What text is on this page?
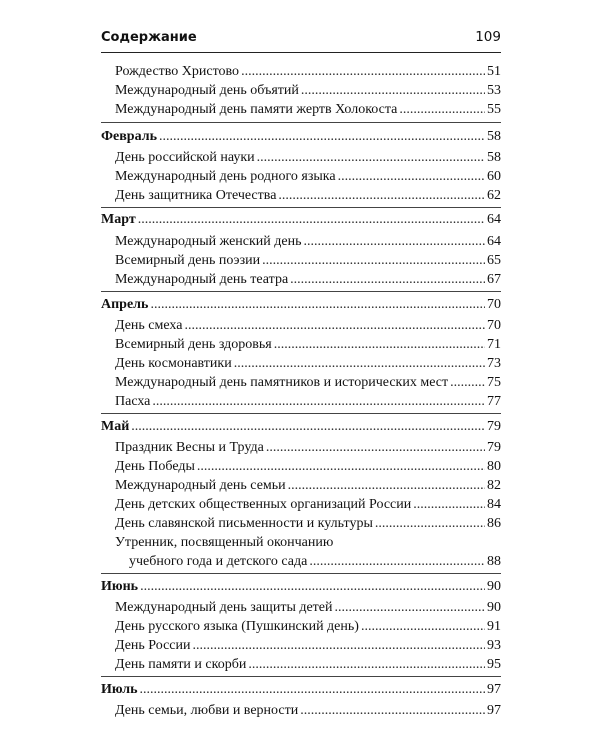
Содержание	109
Рождество Христово .....	51
Международный день объятий .....	53
Международный день памяти жертв Холокоста .....	55
Февраль .....	58
День российской науки .....	58
Международный день родного языка .....	60
День защитника Отечества .....	62
Март .....	64
Международный женский день .....	64
Всемирный день поэзии .....	65
Международный день театра .....	67
Апрель .....	70
День смеха .....	70
Всемирный день здоровья .....	71
День космонавтики .....	73
Международный день памятников и исторических мест .....	75
Пасха .....	77
Май .....	79
Праздник Весны и Труда .....	79
День Победы .....	80
Международный день семьи .....	82
День детских общественных организаций России .....	84
День славянской письменности и культуры .....	86
Утренник, посвященный окончанию
учебного года и детского сада .....	88
Июнь .....	90
Международный день защиты детей .....	90
День русского языка (Пушкинский день) .....	91
День России .....	93
День памяти и скорби .....	95
Июль .....	97
День семьи, любви и верности .....	97
